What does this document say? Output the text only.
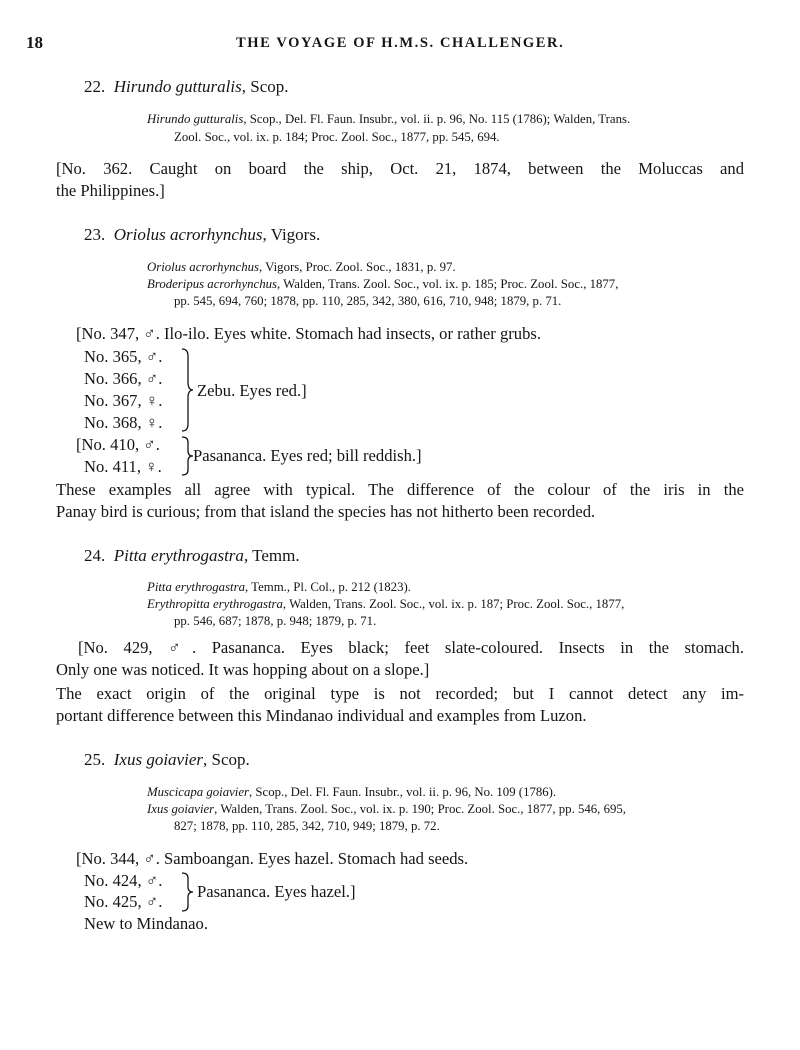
18	THE VOYAGE OF H.M.S. CHALLENGER.
22. Hirundo gutturalis, Scop.
Hirundo gutturalis, Scop., Del. Fl. Faun. Insubr., vol. ii. p. 96, No. 115 (1786); Walden, Trans.
Zool. Soc., vol. ix. p. 184; Proc. Zool. Soc., 1877, pp. 545, 694.
[No. 362. Caught on board the ship, Oct. 21, 1874, between the Moluccas and
the Philippines.]
23. Oriolus acrorhynchus, Vigors.
Oriolus acrorhynchus, Vigors, Proc. Zool. Soc., 1831, p. 97.
Broderipus acrorhynchus, Walden, Trans. Zool. Soc., vol. ix. p. 185; Proc. Zool. Soc., 1877,
pp. 545, 694, 760; 1878, pp. 110, 285, 342, 380, 616, 710, 948; 1879, p. 71.
[No. 347, ♂. Ilo-ilo. Eyes white. Stomach had insects, or rather grubs.
No. 365, ♂.
No. 366, ♂.
No. 367, ♀.
No. 368, ♀.
Zebu. Eyes red.]
[No. 410, ♂.
No. 411, ♀.
Pasananca. Eyes red; bill reddish.]
These examples all agree with typical. The difference of the colour of the iris in the
Panay bird is curious; from that island the species has not hitherto been recorded.
24. Pitta erythrogastra, Temm.
Pitta erythrogastra, Temm., Pl. Col., p. 212 (1823).
Erythropitta erythrogastra, Walden, Trans. Zool. Soc., vol. ix. p. 187; Proc. Zool. Soc., 1877,
pp. 546, 687; 1878, p. 948; 1879, p. 71.
[No. 429, ♂. Pasananca. Eyes black; feet slate-coloured. Insects in the stomach.
Only one was noticed. It was hopping about on a slope.]
The exact origin of the original type is not recorded; but I cannot detect any im-
portant difference between this Mindanao individual and examples from Luzon.
25. Ixus goiavier, Scop.
Muscicapa goiavier, Scop., Del. Fl. Faun. Insubr., vol. ii. p. 96, No. 109 (1786).
Ixus goiavier, Walden, Trans. Zool. Soc., vol. ix. p. 190; Proc. Zool. Soc., 1877, pp. 546, 695,
827; 1878, pp. 110, 285, 342, 710, 949; 1879, p. 72.
[No. 344, ♂. Samboangan. Eyes hazel. Stomach had seeds.
No. 424, ♂.
No. 425, ♂.
Pasananca. Eyes hazel.]
New to Mindanao.
